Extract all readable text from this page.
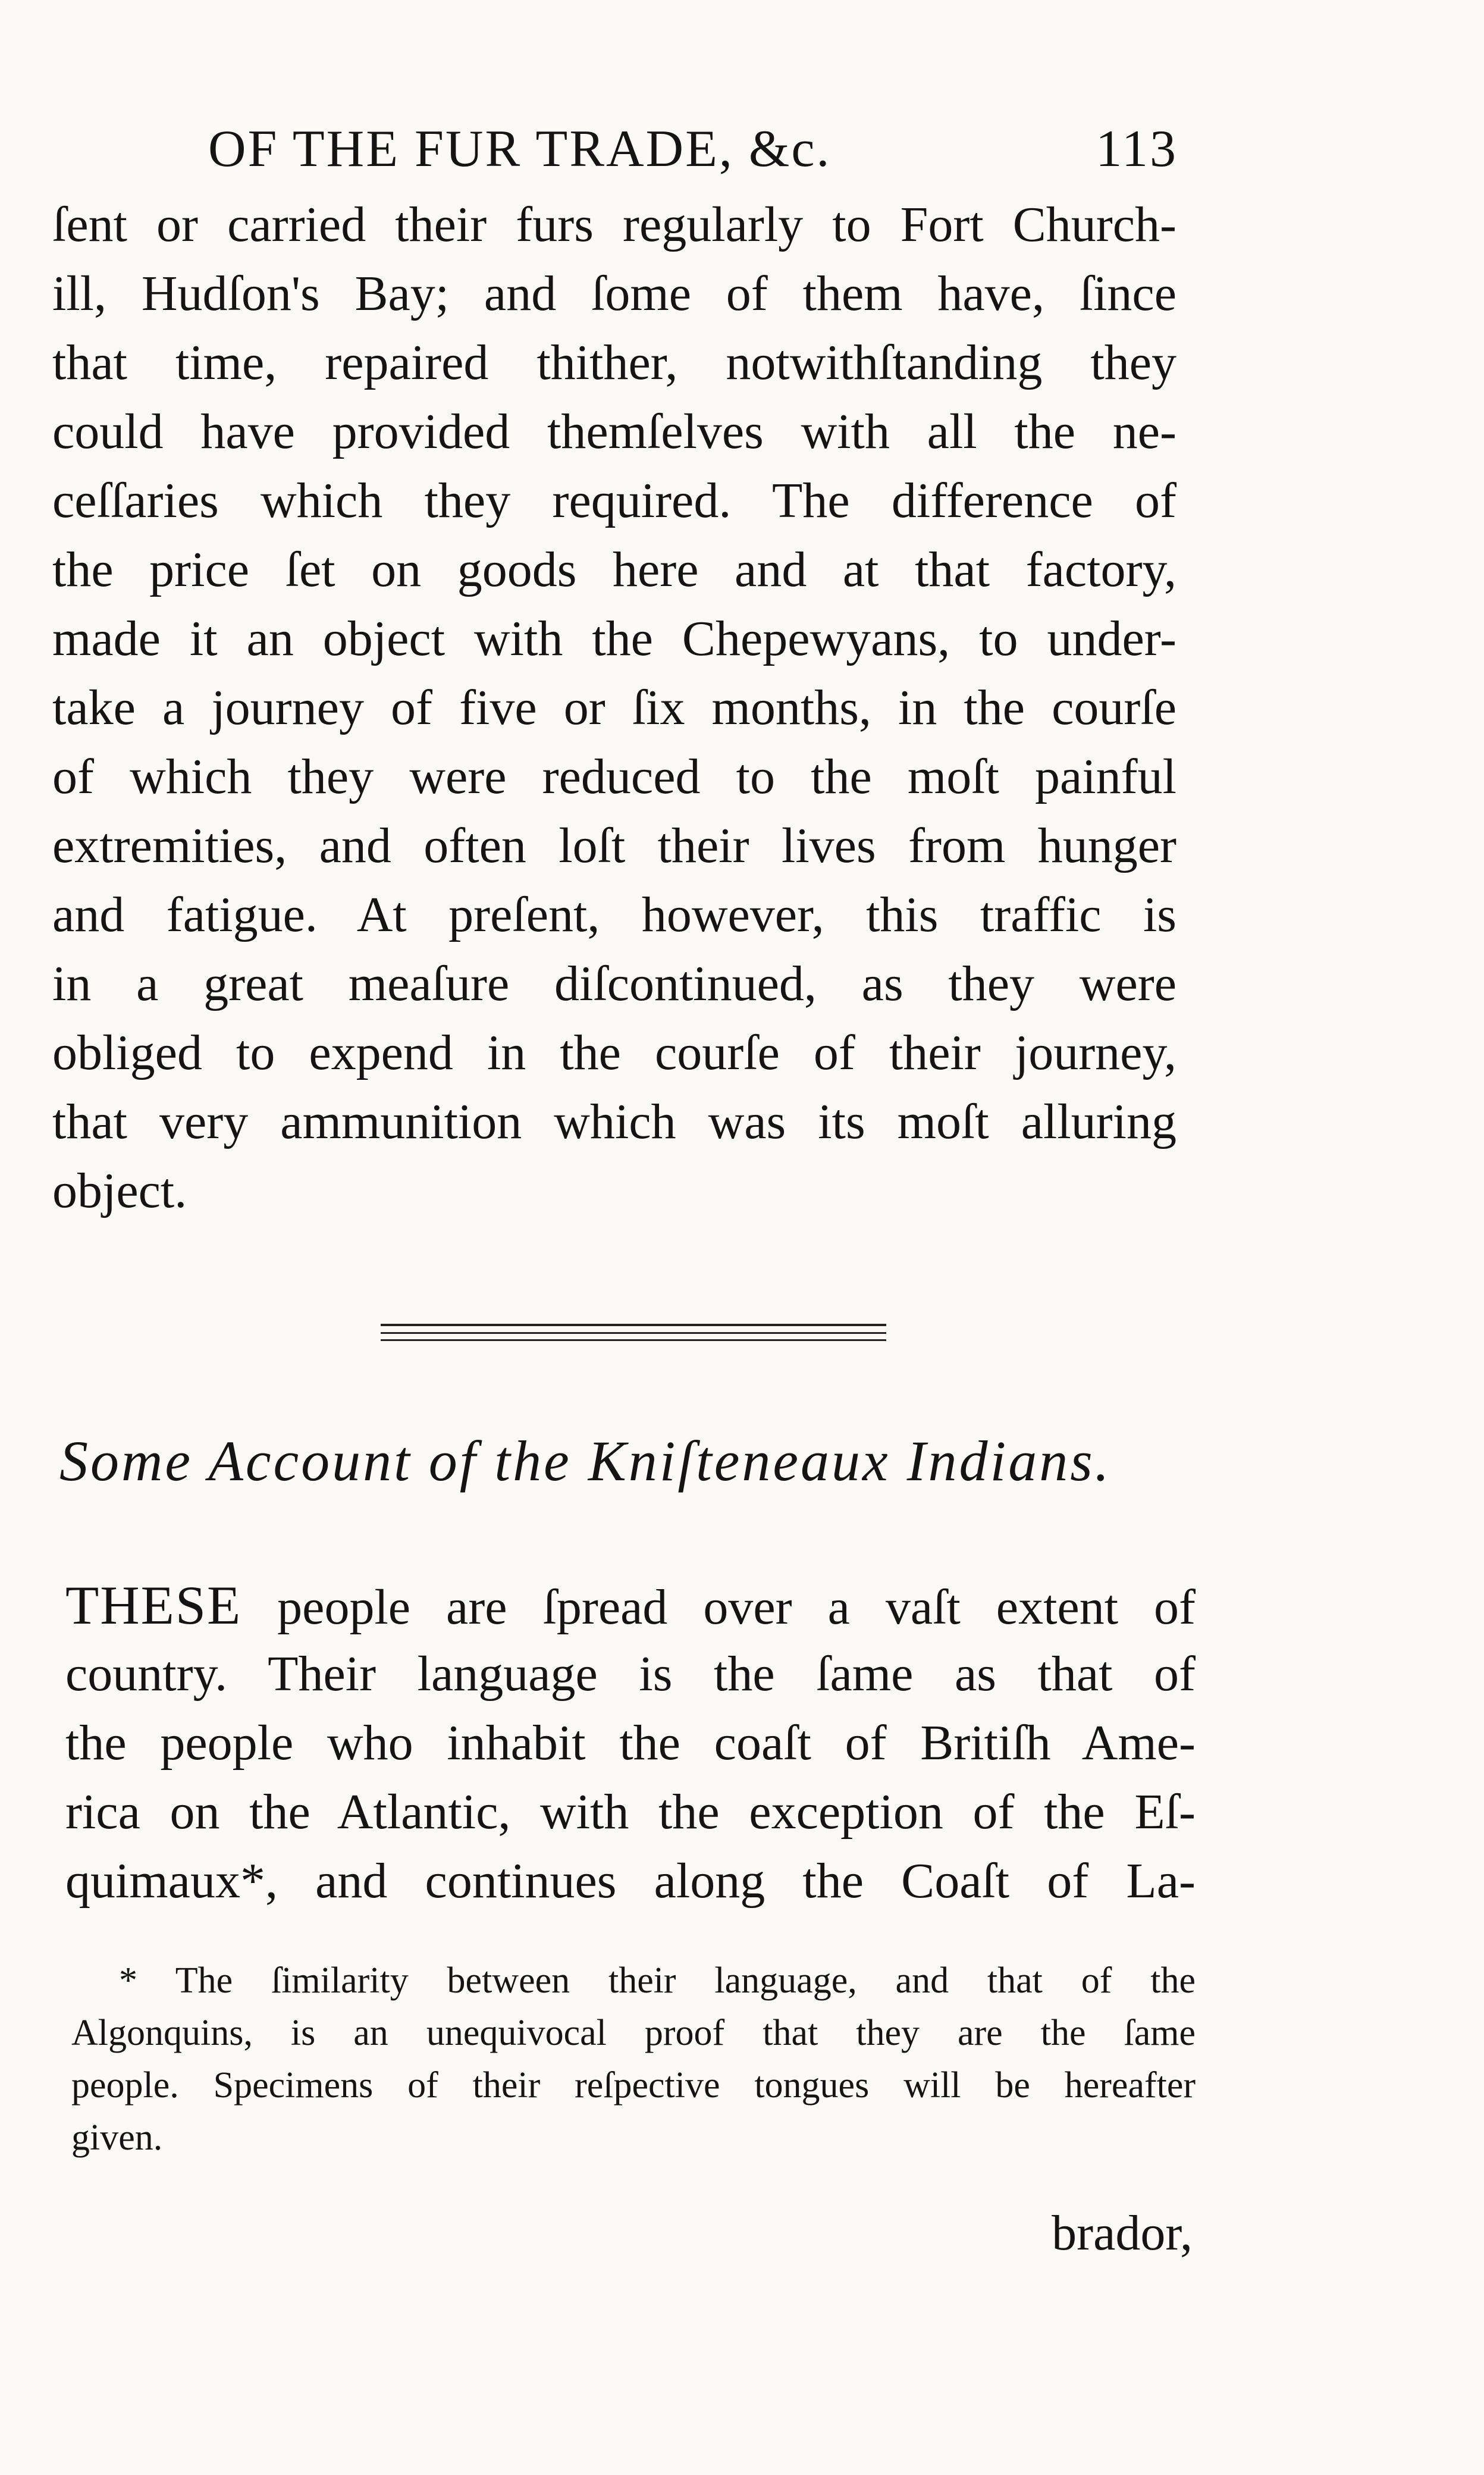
OF THE FUR TRADE, &c.	113
ſent or carried their furs regularly to Fort Church-
ill, Hudſon's Bay; and ſome of them have, ſince
that time, repaired thither, notwithſtanding they
could have provided themſelves with all the ne-
ceſſaries which they required. The difference of
the price ſet on goods here and at that factory,
made it an object with the Chepewyans, to under-
take a journey of five or ſix months, in the courſe
of which they were reduced to the moſt painful
extremities, and often loſt their lives from hunger
and fatigue. At preſent, however, this traffic is
in a great meaſure diſcontinued, as they were
obliged to expend in the courſe of their journey,
that very ammunition which was its moſt alluring
object.
Some Account of the Kniſteneaux Indians.
THESE people are ſpread over a vaſt extent of
country. Their language is the ſame as that of
the people who inhabit the coaſt of Britiſh Ame-
rica on the Atlantic, with the exception of the Eſ-
quimaux*, and continues along the Coaſt of La-
* The ſimilarity between their language, and that of the
Algonquins, is an unequivocal proof that they are the ſame
people. Specimens of their reſpective tongues will be hereafter
given.
brador,
